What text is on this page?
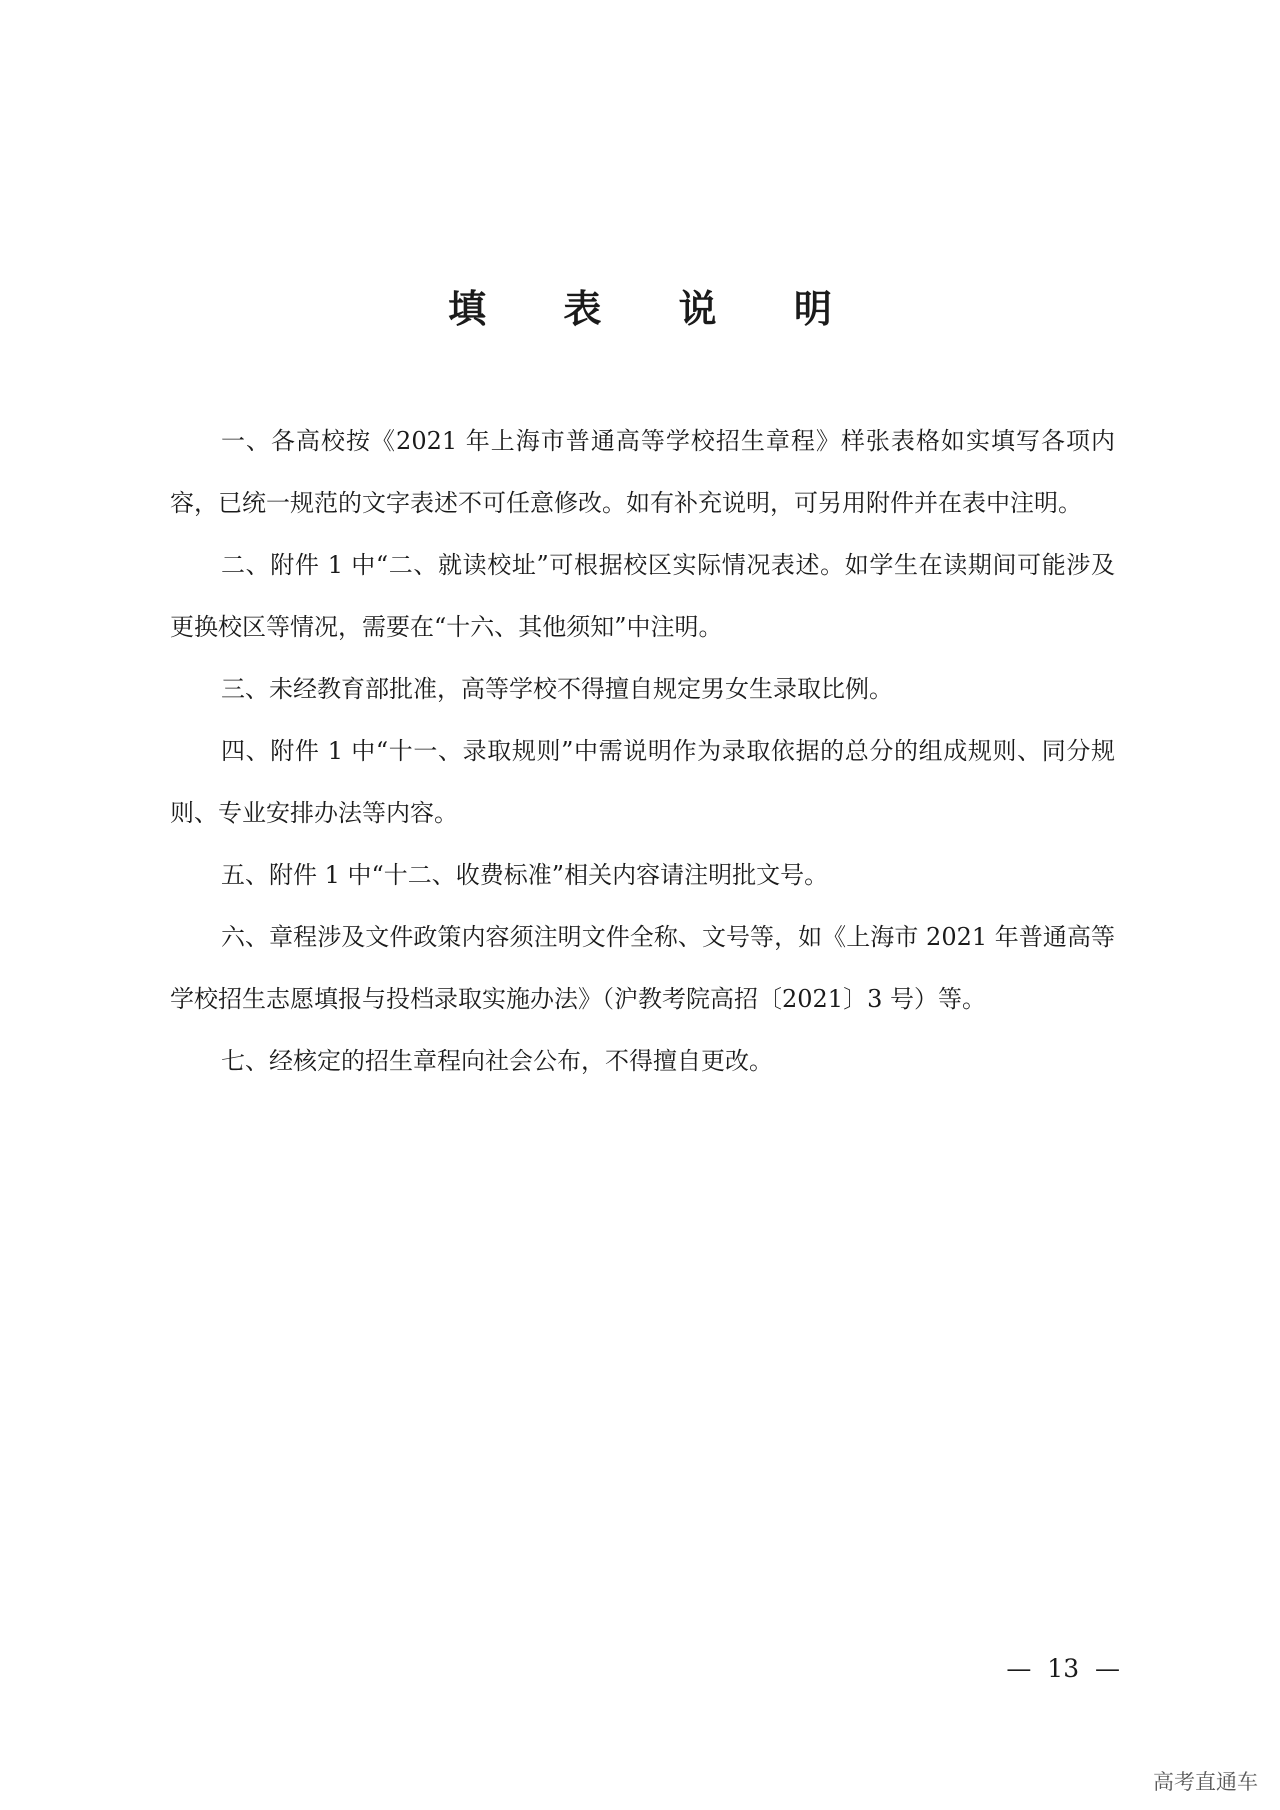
填 表 说 明

一、各高校按《2021 年上海市普通高等学校招生章程》样张表格如实填写各项内容，已统一规范的文字表述不可任意修改。如有补充说明，可另用附件并在表中注明。

二、附件 1 中“二、就读校址”可根据校区实际情况表述。如学生在读期间可能涉及更换校区等情况，需要在“十六、其他须知”中注明。

三、未经教育部批准，高等学校不得擅自规定男女生录取比例。

四、附件 1 中“十一、录取规则”中需说明作为录取依据的总分的组成规则、同分规则、专业安排办法等内容。

五、附件 1 中“十二、收费标准”相关内容请注明批文号。

六、章程涉及文件政策内容须注明文件全称、文号等，如《上海市 2021 年普通高等学校招生志愿填报与投档录取实施办法》（沪教考院高招〔2021〕3 号）等。

七、经核定的招生章程向社会公布，不得擅自更改。

—  13  —
高考直通车
